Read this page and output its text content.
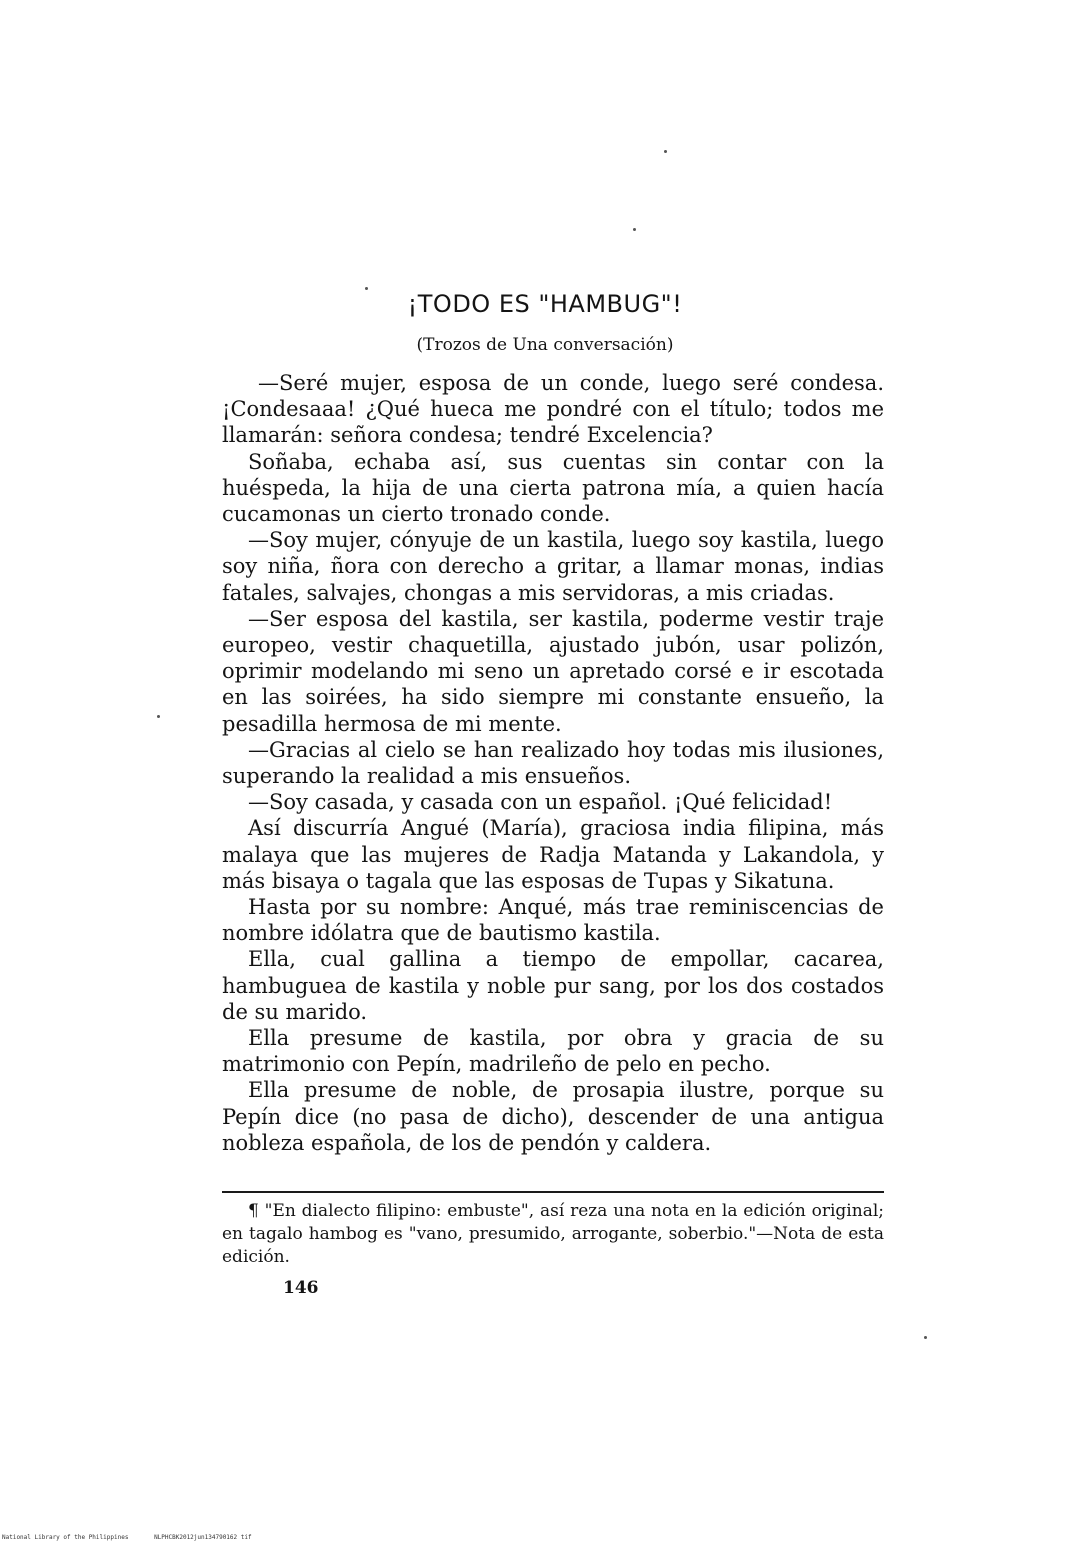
¡TODO ES "HAMBUG"!
(Trozos de Una conversación)

—Seré mujer, esposa de un conde, luego seré condesa. ¡Condesaaa! ¿Qué hueca me pondré con el título; todos me llamarán: señora condesa; tendré Excelencia?

Soñaba, echaba así, sus cuentas sin contar con la huéspeda, la hija de una cierta patrona mía, a quien hacía cucamonas un cierto tronado conde.

—Soy mujer, cónyuje de un kastila, luego soy kastila, luego soy niña, ñora con derecho a gritar, a llamar monas, indias fatales, salvajes, chongas a mis servidoras, a mis criadas.

—Ser esposa del kastila, ser kastila, poderme vestir traje europeo, vestir chaquetilla, ajustado jubón, usar polizón, oprimir modelando mi seno un apretado corsé e ir escotada en las soirées, ha sido siempre mi constante ensueño, la pesadilla hermosa de mi mente.

—Gracias al cielo se han realizado hoy todas mis ilusiones, superando la realidad a mis ensueños.

—Soy casada, y casada con un español. ¡Qué felicidad!

Así discurría Angué (María), graciosa india filipina, más malaya que las mujeres de Radja Matanda y Lakandola, y más bisaya o tagala que las esposas de Tupas y Sikatuna.

Hasta por su nombre: Anqué, más trae reminiscencias de nombre idólatra que de bautismo kastila.

Ella, cual gallina a tiempo de empollar, cacarea, hambuguea de kastila y noble pur sang, por los dos costados de su marido.

Ella presume de kastila, por obra y gracia de su matrimonio con Pepín, madrileño de pelo en pecho.

Ella presume de noble, de prosapia ilustre, porque su Pepín dice (no pasa de dicho), descender de una antigua nobleza española, de los de pendón y caldera.

¶ "En dialecto filipino: embuste", así reza una nota en la edición original; en tagalo hambog es "vano, presumido, arrogante, soberbio."—Nota de esta edición.

146
National Library of the Philippines	NLPHCBK2012jun134790162 tif
